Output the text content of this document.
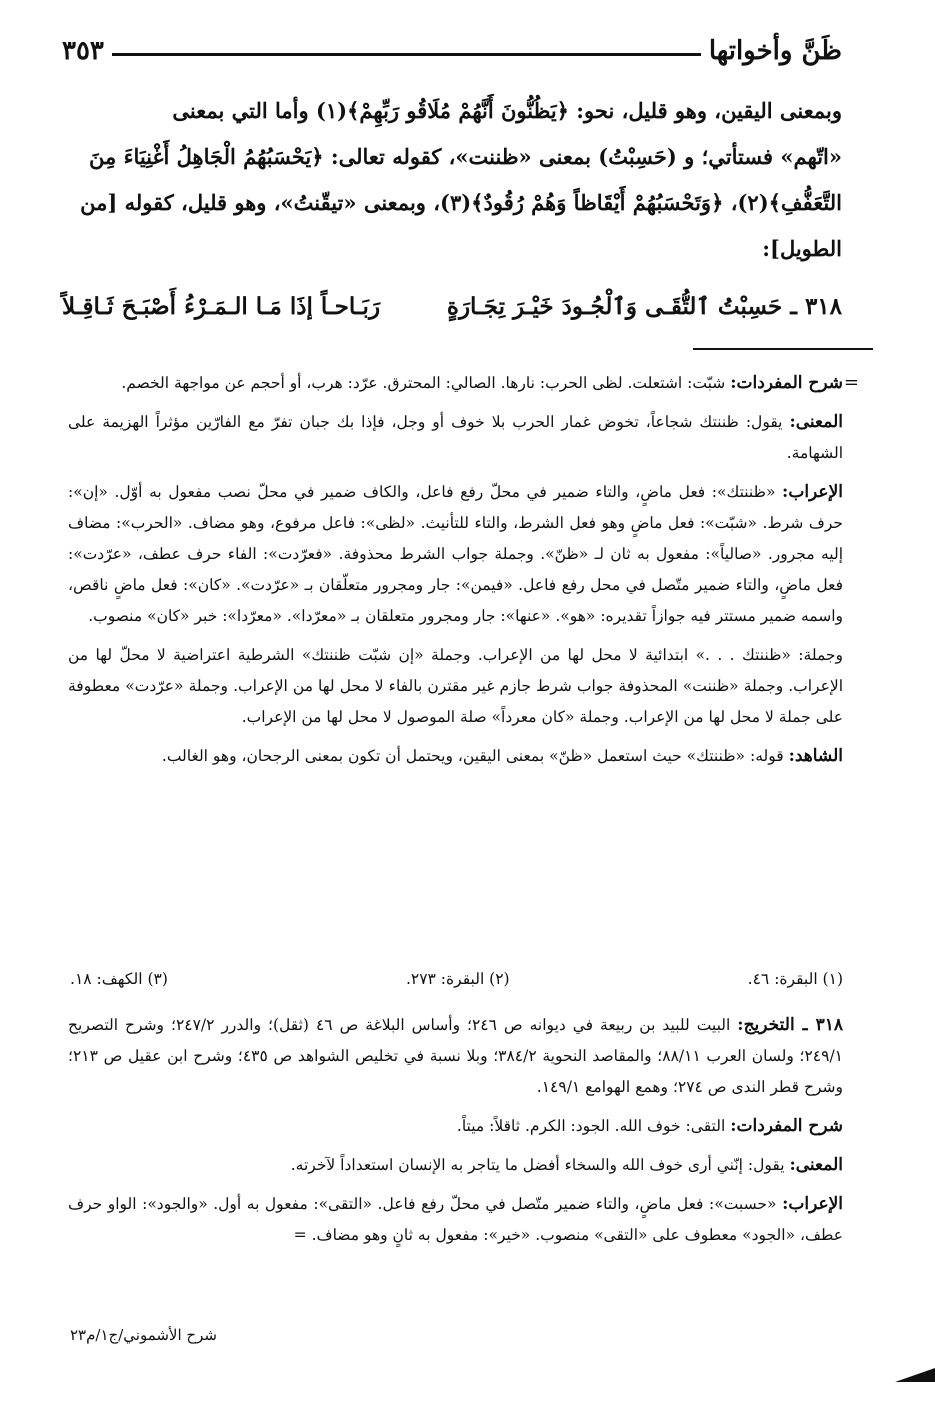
ظَنَّ وأخواتها
٣٥٣

وبمعنى اليقين، وهو قليل، نحو: ﴿يَظُنُّونَ أَنَّهُمْ مُلَاقُو رَبِّهِمْ﴾(١) وأما التي بمعنى

«اتّهم» فستأتي؛ و (حَسِبْتُ) بمعنى «ظننت»، كقوله تعالى: ﴿يَحْسَبُهُمُ الْجَاهِلُ أَغْنِيَاءَ مِنَ

التَّعَفُّفِ﴾(٢)، ﴿وَتَحْسَبُهُمْ أَيْقَاظاً وَهُمْ رُقُودٌ﴾(٣)، وبمعنى «تيقّنتُ»، وهو قليل، كقوله [من

الطويل]:

٣١٨ ـ
حَسِبْتُ ٱلتُّقَـى وَٱلْجُـودَ خَيْـرَ تِجَـارَةٍ
رَبَـاحـاً إذَا مَـا الـمَـرْءُ أَصْبَـحَ ثَـاقِـلاً
=

شرح المفردات: شبّت: اشتعلت. لظى الحرب: نارها. الصالي: المحترق. عرّد: هرب، أو أحجم عن مواجهة الخصم.

المعنى: يقول: ظننتك شجاعاً، تخوض غمار الحرب بلا خوف أو وجل، فإذا بك جبان تفرّ مع الفارّين مؤثراً الهزيمة على الشهامة.

الإعراب: «ظننتك»: فعل ماضٍ، والتاء ضمير في محلّ رفع فاعل، والكاف ضمير في محلّ نصب مفعول به أوّل. «إن»: حرف شرط. «شبّت»: فعل ماضٍ وهو فعل الشرط، والتاء للتأنيث. «لظى»: فاعل مرفوع، وهو مضاف. «الحرب»: مضاف إليه مجرور. «صالياً»: مفعول به ثان لـ «ظنّ». وجملة جواب الشرط محذوفة. «فعرّدت»: الفاء حرف عطف، «عرّدت»: فعل ماضٍ، والتاء ضمير متّصل في محل رفع فاعل. «فيمن»: جار ومجرور متعلّقان بـ «عرّدت». «كان»: فعل ماضٍ ناقص، واسمه ضمير مستتر فيه جوازاً تقديره: «هو». «عنها»: جار ومجرور متعلقان بـ «معرّدا». «معرّدا»: خبر «كان» منصوب.

وجملة: «ظننتك . . .» ابتدائية لا محل لها من الإعراب. وجملة «إن شبّت ظننتك» الشرطية اعتراضية لا محلّ لها من الإعراب. وجملة «ظننت» المحذوفة جواب شرط جازم غير مقترن بالفاء لا محل لها من الإعراب. وجملة «عرّدت» معطوفة على جملة لا محل لها من الإعراب. وجملة «كان معرداً» صلة الموصول لا محل لها من الإعراب.

الشاهد: قوله: «ظننتك» حيث استعمل «ظنّ» بمعنى اليقين، ويحتمل أن تكون بمعنى الرجحان، وهو الغالب.

(١) البقرة: ٤٦.
(٢) البقرة: ٢٧٣.
(٣) الكهف: ١٨.

٣١٨ ـ التخريج: البيت للبيد بن ربيعة في ديوانه ص ٢٤٦؛ وأساس البلاغة ص ٤٦ (ثقل)؛ والدرر ٢٤٧/٢؛ وشرح التصريح ٢٤٩/١؛ ولسان العرب ٨٨/١١؛ والمقاصد النحوية ٣٨٤/٢؛ وبلا نسبة في تخليص الشواهد ص ٤٣٥؛ وشرح ابن عقيل ص ٢١٣؛ وشرح قطر الندى ص ٢٧٤؛ وهمع الهوامع ١٤٩/١.

شرح المفردات: التقى: خوف الله. الجود: الكرم. ثاقلاً: ميتاً.

المعنى: يقول: إنّني أرى خوف الله والسخاء أفضل ما يتاجر به الإنسان استعداداً لآخرته.

الإعراب: «حسبت»: فعل ماضٍ، والتاء ضمير متّصل في محلّ رفع فاعل. «التقى»: مفعول به أول. «والجود»: الواو حرف عطف، «الجود» معطوف على «التقى» منصوب. «خير»: مفعول به ثانٍ وهو مضاف. =

شرح الأشموني/ج١/م٢٣
